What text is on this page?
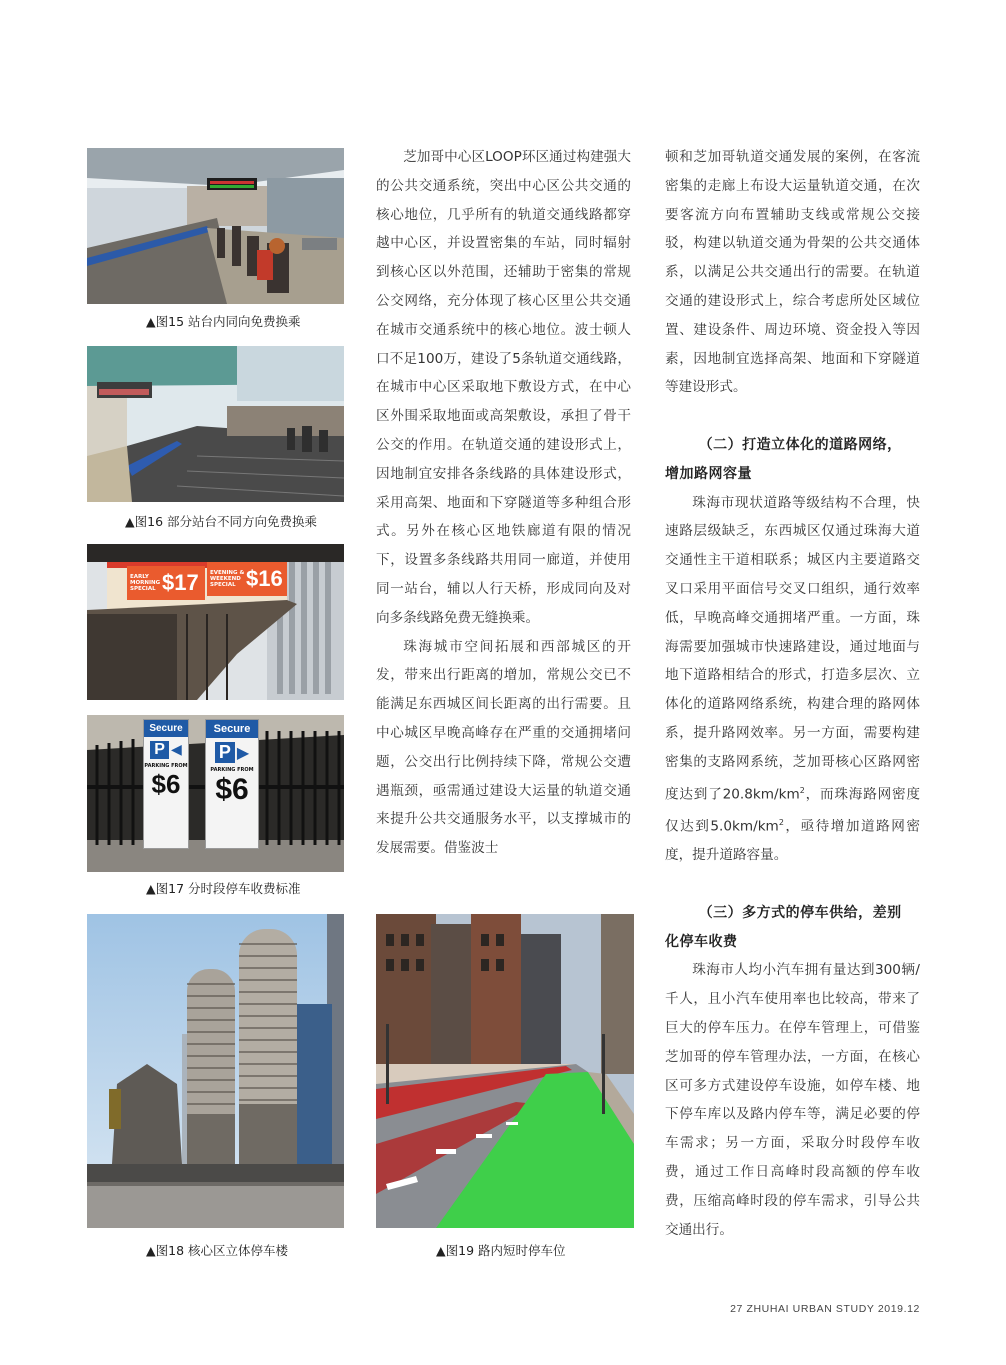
▲图15 站台内同向免费换乘
▲图16 部分站台不同方向免费换乘
EARLY
MORNING
SPECIAL $17	EVENING &
WEEKEND
SPECIAL $16
Secure
P ◀
PARKING FROM
$6
Secure
P ▶
PARKING FROM
$6
▲图17 分时段停车收费标准
▲图18 核心区立体停车楼	▲图19 路内短时停车位

芝加哥中心区LOOP环区通过构建强大的公共交通系统，突出中心区公共交通的核心地位，几乎所有的轨道交通线路都穿越中心区，并设置密集的车站，同时辐射到核心区以外范围，还辅助于密集的常规公交网络，充分体现了核心区里公共交通在城市交通系统中的核心地位。波士顿人口不足100万，建设了5条轨道交通线路，在城市中心区采取地下敷设方式，在中心区外围采取地面或高架敷设，承担了骨干公交的作用。在轨道交通的建设形式上，因地制宜安排各条线路的具体建设形式，采用高架、地面和下穿隧道等多种组合形式。另外在核心区地铁廊道有限的情况下，设置多条线路共用同一廊道，并使用同一站台，辅以人行天桥，形成同向及对向多条线路免费无缝换乘。

珠海城市空间拓展和西部城区的开发，带来出行距离的增加，常规公交已不能满足东西城区间长距离的出行需要。且中心城区早晚高峰存在严重的交通拥堵问题，公交出行比例持续下降，常规公交遭遇瓶颈，亟需通过建设大运量的轨道交通来提升公共交通服务水平，以支撑城市的发展需要。借鉴波士

顿和芝加哥轨道交通发展的案例，在客流密集的走廊上布设大运量轨道交通，在次要客流方向布置辅助支线或常规公交接驳，构建以轨道交通为骨架的公共交通体系，以满足公共交通出行的需要。在轨道交通的建设形式上，综合考虑所处区域位置、建设条件、周边环境、资金投入等因素，因地制宜选择高架、地面和下穿隧道等建设形式。

（二）打造立体化的道路网络，
增加路网容量

珠海市现状道路等级结构不合理，快速路层级缺乏，东西城区仅通过珠海大道交通性主干道相联系；城区内主要道路交叉口采用平面信号交叉口组织，通行效率低，早晚高峰交通拥堵严重。一方面，珠海需要加强城市快速路建设，通过地面与地下道路相结合的形式，打造多层次、立体化的道路网络系统，构建合理的路网体系，提升路网效率。另一方面，需要构建密集的支路网系统，芝加哥核心区路网密度达到了$20.8km/km^2$，而珠海路网密度仅达到$5.0km/km^2$，亟待增加道路网密度，提升道路容量。

（三）多方式的停车供给，差别
化停车收费

珠海市人均小汽车拥有量达到300辆/千人，且小汽车使用率也比较高，带来了巨大的停车压力。在停车管理上，可借鉴芝加哥的停车管理办法，一方面，在核心区可多方式建设停车设施，如停车楼、地下停车库以及路内停车等，满足必要的停车需求；另一方面，采取分时段停车收费，通过工作日高峰时段高额的停车收费，压缩高峰时段的停车需求，引导公共交通出行。

27 ZHUHAI URBAN STUDY 2019.12
